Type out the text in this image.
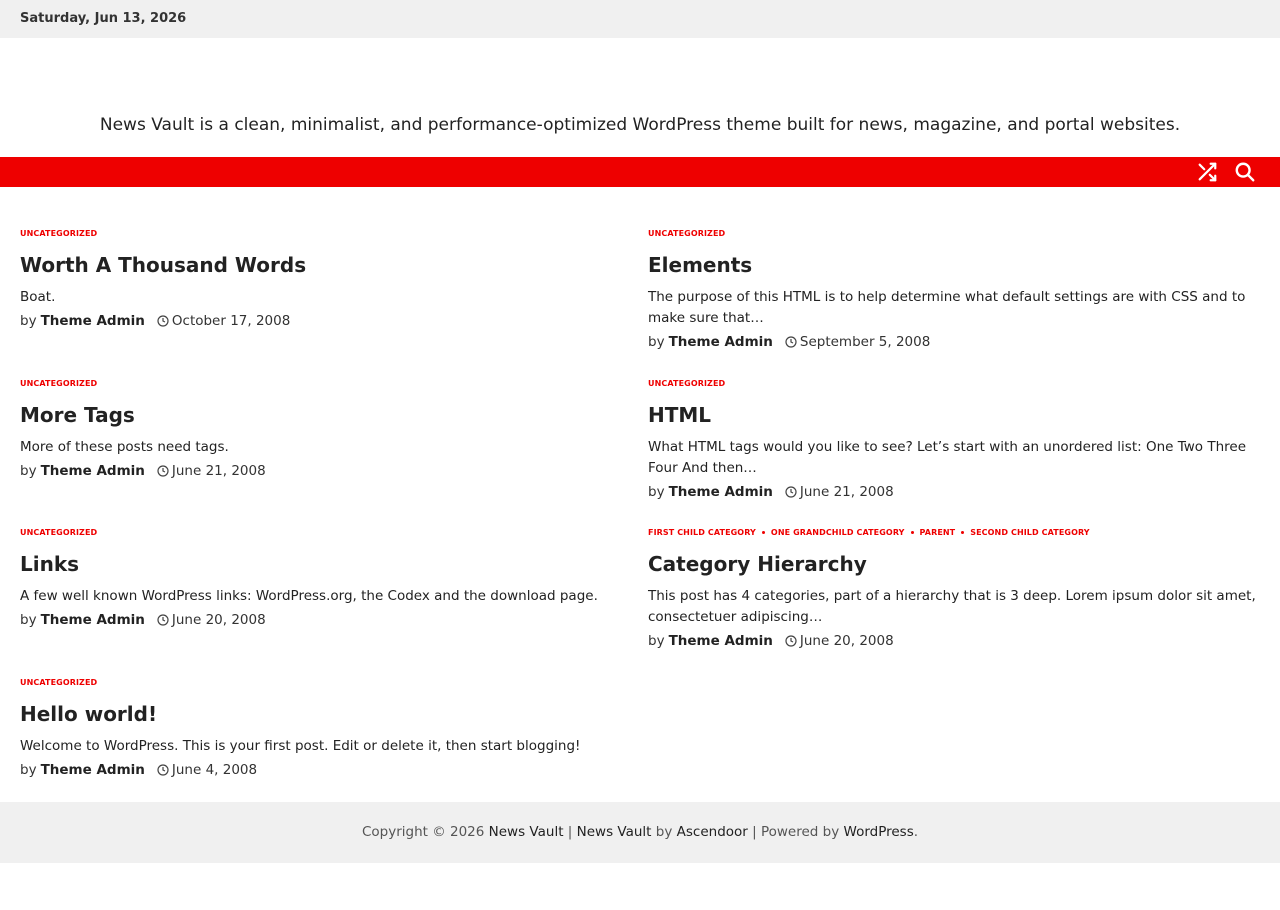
Saturday, Jun 13, 2026

News Vault is a clean, minimalist, and performance-optimized WordPress theme built for news, magazine, and portal websites.

UNCATEGORIZED
Worth A Thousand Words

Boat.

by Theme Admin October 17, 2008
UNCATEGORIZED
Elements

The purpose of this HTML is to help determine what default settings are with CSS and to make sure that…

by Theme Admin September 5, 2008
UNCATEGORIZED
More Tags

More of these posts need tags.

by Theme Admin June 21, 2008
UNCATEGORIZED
HTML

What HTML tags would you like to see? Let’s start with an unordered list: One Two Three Four And then…

by Theme Admin June 21, 2008
UNCATEGORIZED
Links

A few well known WordPress links: WordPress.org, the Codex and the download page.

by Theme Admin June 20, 2008
FIRST CHILD CATEGORY ONE GRANDCHILD CATEGORY PARENT SECOND CHILD CATEGORY
Category Hierarchy

This post has 4 categories, part of a hierarchy that is 3 deep. Lorem ipsum dolor sit amet, consectetuer adipiscing…

by Theme Admin June 20, 2008
UNCATEGORIZED
Hello world!

Welcome to WordPress. This is your first post. Edit or delete it, then start blogging!

by Theme Admin June 4, 2008
Copyright © 2026 News Vault | News Vault by Ascendoor | Powered by WordPress.
